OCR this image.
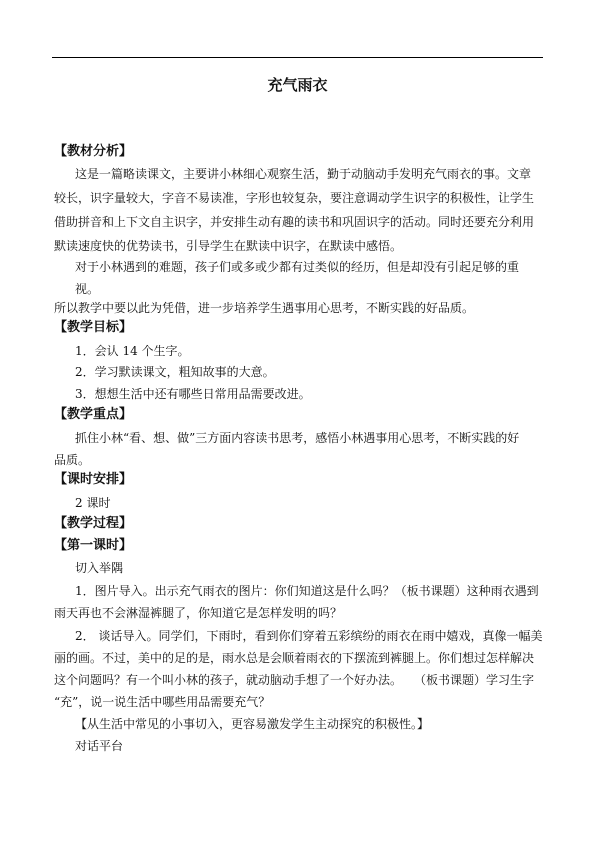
充气雨衣
【教材分析】
这是一篇略读课文，主要讲小林细心观察生活，勤于动脑动手发明充气雨衣的事。文章
较长，识字量较大，字音不易读准，字形也较复杂，要注意调动学生识字的积极性，让学生
借助拼音和上下文自主识字，并安排生动有趣的读书和巩固识字的活动。同时还要充分利用
默读速度快的优势读书，引导学生在默读中识字，在默读中感悟。
对于小林遇到的难题，孩子们或多或少都有过类似的经历，但是却没有引起足够的重
视。
所以教学中要以此为凭借，进一步培养学生遇事用心思考，不断实践的好品质。
【教学目标】
1．会认 14 个生字。
2．学习默读课文，粗知故事的大意。
3．想想生活中还有哪些日常用品需要改进。
【教学重点】
抓住小林“看、想、做”三方面内容读书思考，感悟小林遇事用心思考，不断实践的好
品质。
【课时安排】
2 课时
【教学过程】
【第一课时】
切入举隅
1．图片导入。出示充气雨衣的图片：你们知道这是什么吗？（板书课题）这种雨衣遇到
雨天再也不会淋湿裤腿了，你知道它是怎样发明的吗？
2． 谈话导入。同学们，下雨时，看到你们穿着五彩缤纷的雨衣在雨中嬉戏，真像一幅美
丽的画。不过，美中的足的是，雨水总是会顺着雨衣的下摆流到裤腿上。你们想过怎样解决
这个问题吗？有一个叫小林的孩子，就动脑动手想了一个好办法。　　（板书课题）学习生字
“充”，说一说生活中哪些用品需要充气？
【从生活中常见的小事切入，更容易激发学生主动探究的积极性。】
对话平台
